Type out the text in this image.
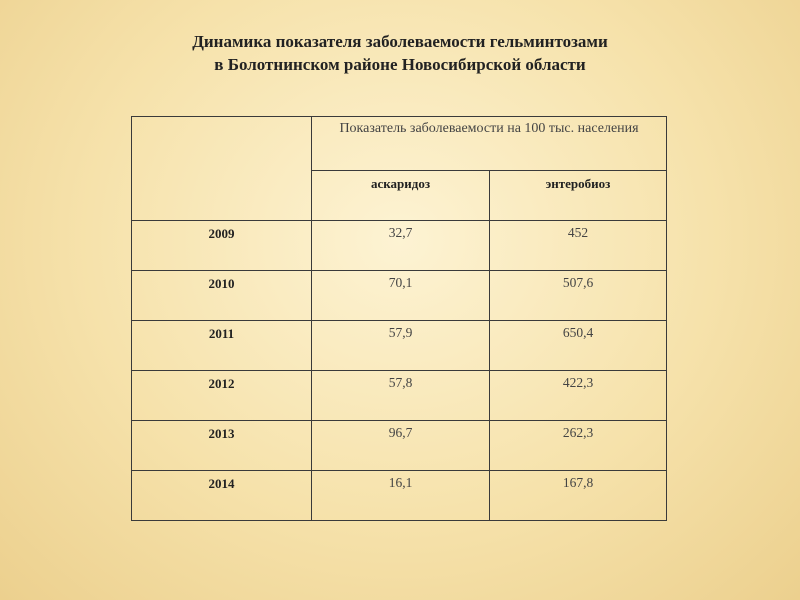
Динамика показателя заболеваемости гельминтозами
в Болотнинском районе Новосибирской области

	Показатель заболеваемости на 100 тыс. населения	

	аскаридоз	энтеробиоз

2009	32,7	452

2010	70,1	507,6

2011	57,9	650,4

2012	57,8	422,3

2013	96,7	262,3

2014	16,1	167,8
